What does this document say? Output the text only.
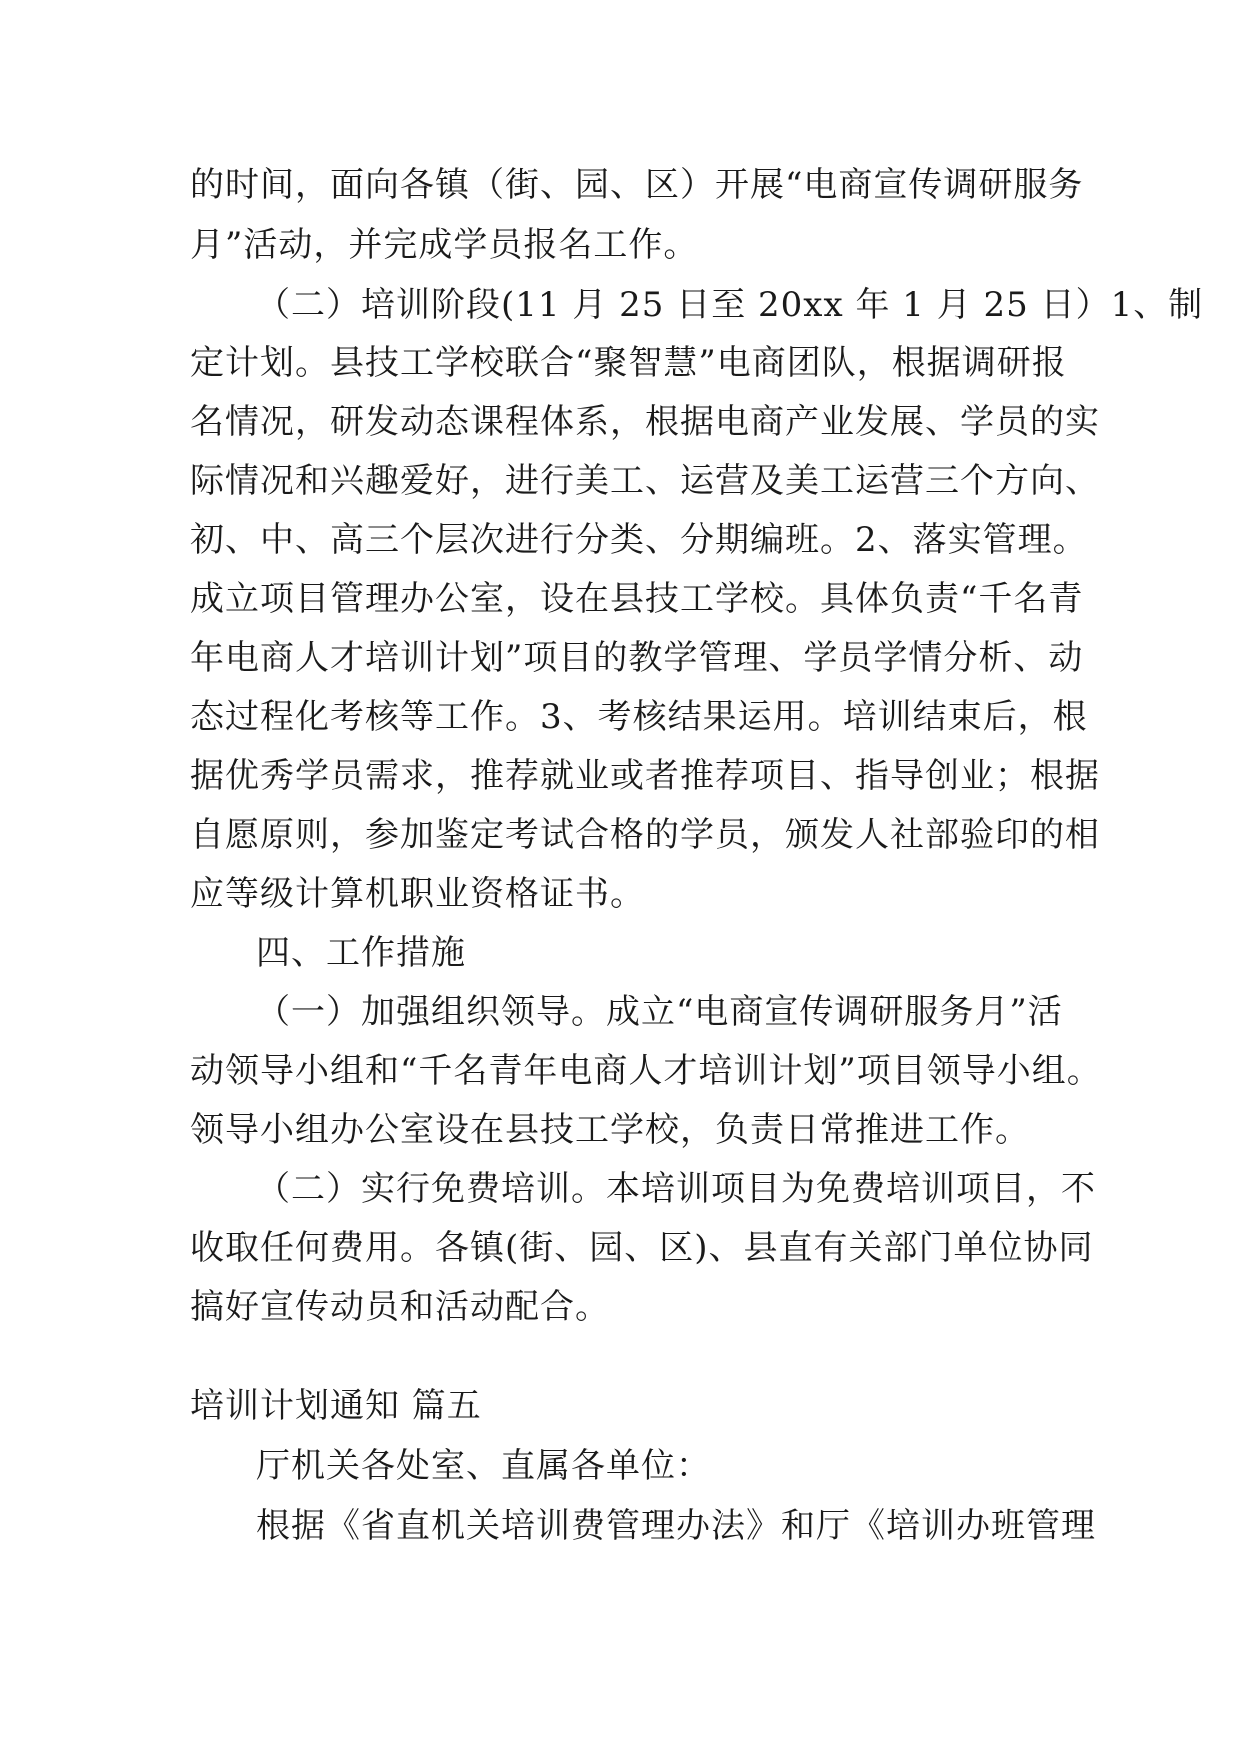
的时间，面向各镇（街、园、区）开展“电商宣传调研服务
月”活动，并完成学员报名工作。
（二）培训阶段(11 月 25 日至 20xx 年 1 月 25 日）1、制
定计划。县技工学校联合“聚智慧”电商团队，根据调研报
名情况，研发动态课程体系，根据电商产业发展、学员的实
际情况和兴趣爱好，进行美工、运营及美工运营三个方向、
初、中、高三个层次进行分类、分期编班。2、落实管理。
成立项目管理办公室，设在县技工学校。具体负责“千名青
年电商人才培训计划”项目的教学管理、学员学情分析、动
态过程化考核等工作。3、考核结果运用。培训结束后，根
据优秀学员需求，推荐就业或者推荐项目、指导创业；根据
自愿原则，参加鉴定考试合格的学员，颁发人社部验印的相
应等级计算机职业资格证书。
四、工作措施
（一）加强组织领导。成立“电商宣传调研服务月”活
动领导小组和“千名青年电商人才培训计划”项目领导小组。
领导小组办公室设在县技工学校，负责日常推进工作。
（二）实行免费培训。本培训项目为免费培训项目，不
收取任何费用。各镇(街、园、区)、县直有关部门单位协同
搞好宣传动员和活动配合。
培训计划通知 篇五
厅机关各处室、直属各单位：
根据《省直机关培训费管理办法》和厅《培训办班管理
